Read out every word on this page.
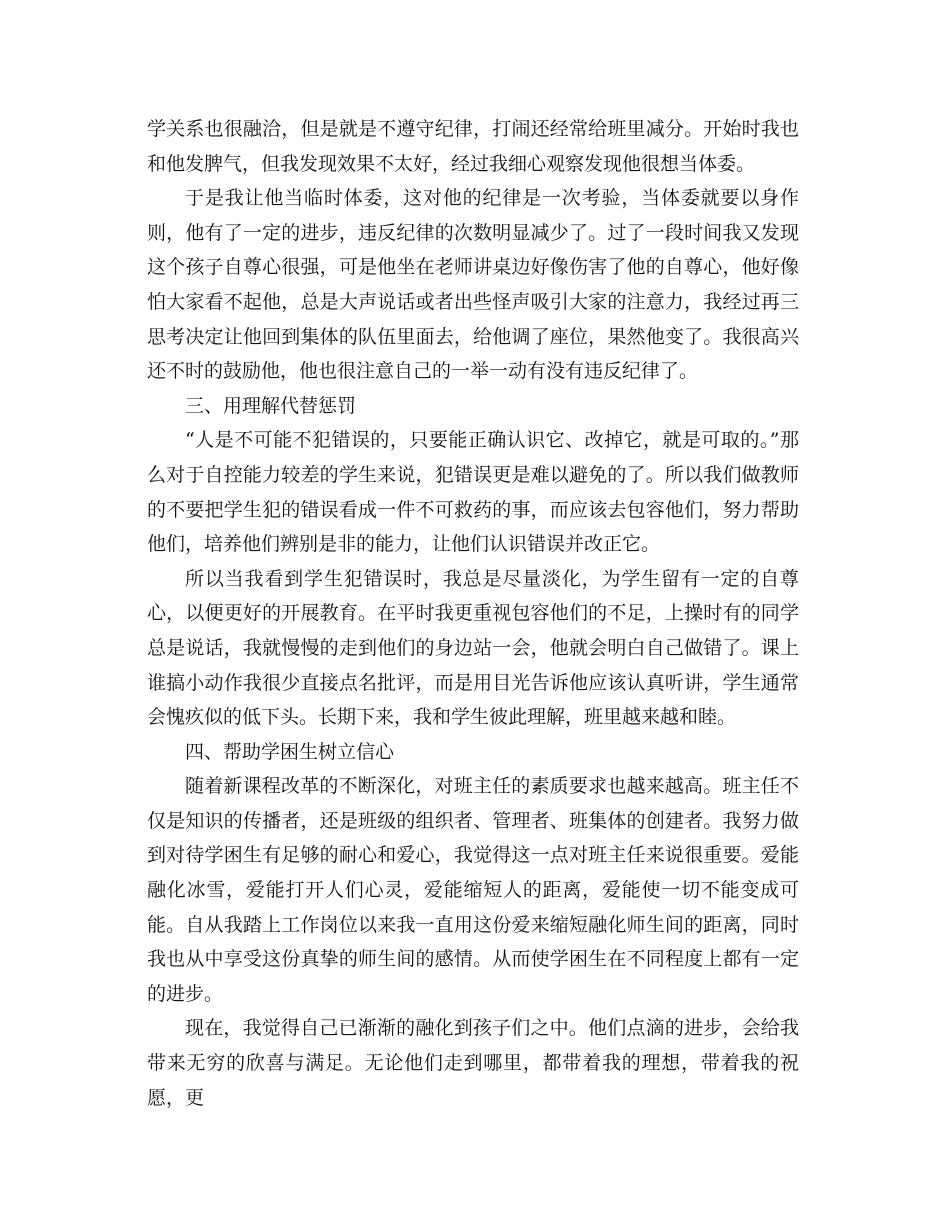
学关系也很融洽，但是就是不遵守纪律，打闹还经常给班里减分。开始时我也和他发脾气，但我发现效果不太好，经过我细心观察发现他很想当体委。

于是我让他当临时体委，这对他的纪律是一次考验，当体委就要以身作则，他有了一定的进步，违反纪律的次数明显减少了。过了一段时间我又发现这个孩子自尊心很强，可是他坐在老师讲桌边好像伤害了他的自尊心，他好像怕大家看不起他，总是大声说话或者出些怪声吸引大家的注意力，我经过再三思考决定让他回到集体的队伍里面去，给他调了座位，果然他变了。我很高兴还不时的鼓励他，他也很注意自己的一举一动有没有违反纪律了。

三、用理解代替惩罚

“人是不可能不犯错误的，只要能正确认识它、改掉它，就是可取的。”那么对于自控能力较差的学生来说，犯错误更是难以避免的了。所以我们做教师的不要把学生犯的错误看成一件不可救药的事，而应该去包容他们，努力帮助他们，培养他们辨别是非的能力，让他们认识错误并改正它。

所以当我看到学生犯错误时，我总是尽量淡化，为学生留有一定的自尊心，以便更好的开展教育。在平时我更重视包容他们的不足，上操时有的同学总是说话，我就慢慢的走到他们的身边站一会，他就会明白自己做错了。课上谁搞小动作我很少直接点名批评，而是用目光告诉他应该认真听讲，学生通常会愧疚似的低下头。长期下来，我和学生彼此理解，班里越来越和睦。

四、帮助学困生树立信心

随着新课程改革的不断深化，对班主任的素质要求也越来越高。班主任不仅是知识的传播者，还是班级的组织者、管理者、班集体的创建者。我努力做到对待学困生有足够的耐心和爱心，我觉得这一点对班主任来说很重要。爱能融化冰雪，爱能打开人们心灵，爱能缩短人的距离，爱能使一切不能变成可能。自从我踏上工作岗位以来我一直用这份爱来缩短融化师生间的距离，同时我也从中享受这份真挚的师生间的感情。从而使学困生在不同程度上都有一定的进步。

现在，我觉得自己已渐渐的融化到孩子们之中。他们点滴的进步，会给我带来无穷的欣喜与满足。无论他们走到哪里，都带着我的理想，带着我的祝愿，更
